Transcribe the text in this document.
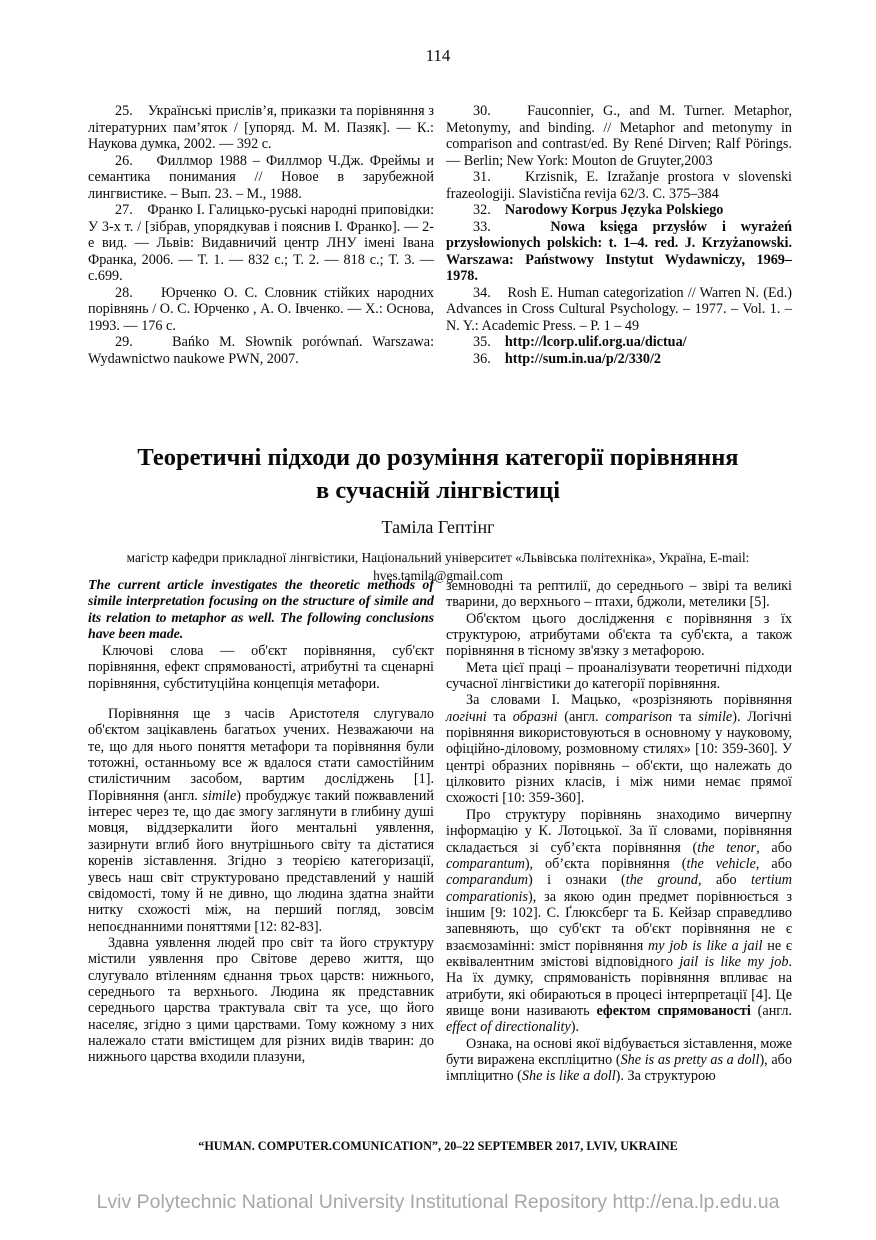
114

25.    Українські прислів’я, приказки та порівняння з літературних пам’яток / [упоряд. М. М. Пазяк]. — К.: Наукова думка, 2002. — 392 с.

26.    Филлмор 1988 – Филлмор Ч.Дж. Фреймы и семантика понимания // Новое в зарубежной лингвистике. – Вып. 23. – М., 1988.

27.    Франко І. Галицько-руські народні приповідки: У 3-х т. / [зібрав, упорядкував і пояснив І. Франко]. — 2-е вид. — Львів: Видавничий центр ЛНУ імені Івана Франка, 2006. — Т. 1. — 832 с.; Т. 2. — 818 с.; Т. 3. — с.699.

28.    Юрченко О. С. Словник стійких народних порівнянь / О. С. Юрченко , А. О. Івченко. — Х.: Основа, 1993. — 176 с.

29.    Bańko M. Słownik porównań. Warszawa: Wydawnictwo naukowe PWN, 2007.

30.    Fauconnier, G., and M. Turner. Metaphor, Metonymy, and binding. // Metaphor and metonymy in comparison and contrast/ed. By René Dirven; Ralf Pörings. — Berlin; New York: Mouton de Gruyter,2003

31.    Krzisnik, E. Izražanje prostora v slovenski frazeologiji. Slavistična revija 62/3. C. 375–384

32.    Narodowy Korpus Języka Polskiego

33.    Nowa księga przysłów i wyrażeń przysłowionych polskich: t. 1–4. red. J. Krzyżanowski. Warszawa: Państwowy Instytut Wydawniczy, 1969–1978.

34.    Rosh E. Human categorization // Warren N. (Ed.) Advances in Cross Cultural Psychology. – 1977. – Vol. 1. – N. Y.: Academic Press. – P. 1 – 49

35.    http://lcorp.ulif.org.ua/dictua/

36.    http://sum.in.ua/p/2/330/2

Теоретичні підходи до розуміння категорії порівняння
в сучасній лінгвістиці
Таміла Гептінг
магістр кафедри прикладної лінгвістики, Національний університет «Львівська політехніка», Україна, E-mail: hves.tamila@gmail.com

The current article investigates the theoretic methods of simile interpretation focusing on the structure of simile and its relation to metaphor as well. The following conclusions have been made.

Ключові слова — об'єкт порівняння, суб'єкт порівняння, ефект спрямованості, атрибутні та сценарні порівняння, субституційна концепція метафори.

Порівняння ще з часів Аристотеля слугувало об'єктом зацікавлень багатьох учених. Незважаючи на те, що для нього поняття метафори та порівняння були тотожні, останньому все ж вдалося стати самостійним стилістичним засобом, вартим досліджень [1]. Порівняння (англ. simile) пробуджує такий пожвавлений інтерес через те, що дає змогу заглянути в глибину душі мовця, віддзеркалити його ментальні уявлення, зазирнути вглиб його внутрішнього світу та дістатися коренів зіставлення. Згідно з теорією категоризації, увесь наш світ структуровано представлений у нашій свідомості, тому й не дивно, що людина здатна знайти нитку схожості між, на перший погляд, зовсім непоєднанними поняттями [12: 82-83].

Здавна уявлення людей про світ та його структуру містили уявлення про Світове дерево життя, що слугувало втіленням єднання трьох царств: нижнього, середнього та верхнього. Людина як представник середнього царства трактувала світ та усе, що його населяє, згідно з цими царствами. Тому кожному з них належало стати вмістищем для різних видів тварин: до нижнього царства входили плазуни,

земноводні та рептилії, до середнього – звірі та великі тварини, до верхнього – птахи, бджоли, метелики [5].

Об'єктом цього дослідження є порівняння з їх структурою, атрибутами об'єкта та суб'єкта, а також порівняння в тісному зв'язку з метафорою.

Мета цієї праці – проаналізувати теоретичні підходи сучасної лінгвістики до категорії порівняння.

За словами І. Мацько, «розрізняють порівняння логічні та образні (англ. comparison та simile). Логічні порівняння використовуються в основному у науковому, офіційно-діловому, розмовному стилях» [10: 359-360]. У центрі образних порівнянь – об'єкти, що належать до цілковито різних класів, і між ними немає прямої схожості [10: 359-360].

Про структуру порівнянь знаходимо вичерпну інформацію у К. Лотоцької. За її словами, порівняння складається зі суб’єкта порівняння (the tenor, або comparantum), об’єкта порівняння (the vehicle, або comparandum) і ознаки (the ground, або tertium comparationis), за якою один предмет порівнюється з іншим [9: 102]. С. Ґлюксберг та Б. Кейзар справедливо запевняють, що суб'єкт та об'єкт порівняння не є взаємозамінні: зміст порівняння my job is like a jail не є еквівалентним змістові відповідного jail is like my job. На їх думку, спрямованість порівняння впливає на атрибути, які обираються в процесі інтерпретації [4]. Це явище вони називають ефектом спрямованості (англ. effect of directionality).

Ознака, на основі якої відбувається зіставлення, може бути виражена експліцитно (She is as pretty as a doll), або імпліцитно (She is like a doll). За структурою

“HUMAN. COMPUTER.COMUNICATION”, 20–22 SEPTEMBER 2017, LVIV, UKRAINE
Lviv Polytechnic National University Institutional Repository http://ena.lp.edu.ua
